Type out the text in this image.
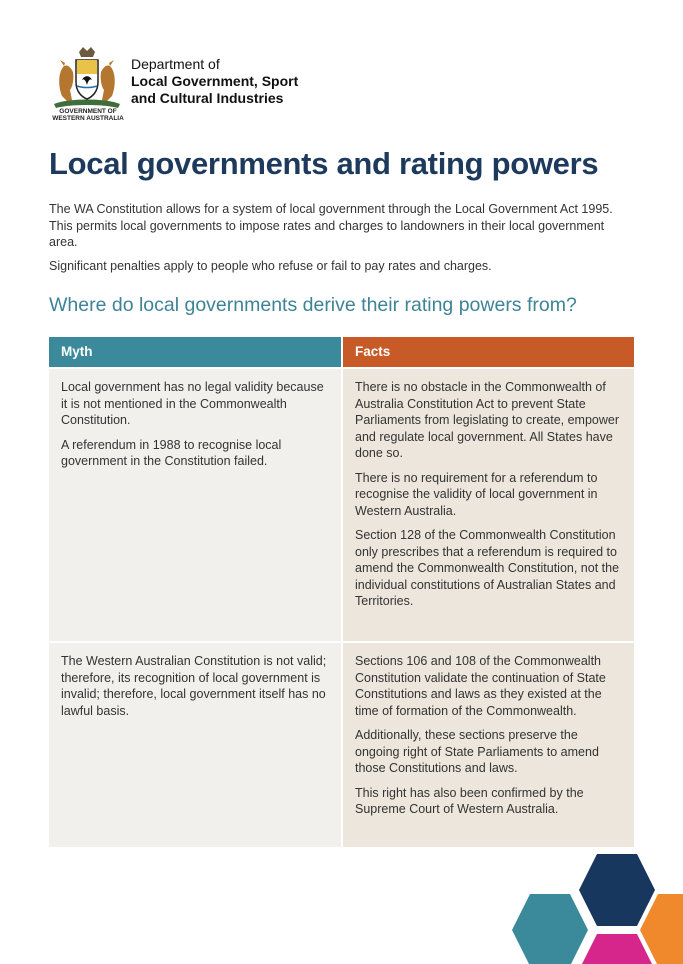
GOVERNMENT OF
WESTERN AUSTRALIA
Department of
Local Government, Sport
and Cultural Industries
Local governments and rating powers

The WA Constitution allows for a system of local government through the Local Government Act 1995. This permits local governments to impose rates and charges to landowners in their local government area.

Significant penalties apply to people who refuse or fail to pay rates and charges.

Where do local governments derive their rating powers from?
Myth	Facts

Local government has no legal validity because it is not mentioned in the Commonwealth Constitution.

A referendum in 1988 to recognise local government in the Constitution failed.

There is no obstacle in the Commonwealth of Australia Constitution Act to prevent State Parliaments from legislating to create, empower and regulate local government. All States have done so.

There is no requirement for a referendum to recognise the validity of local government in Western Australia.

Section 128 of the Commonwealth Constitution only prescribes that a referendum is required to amend the Commonwealth Constitution, not the individual constitutions of Australian States and Territories.

The Western Australian Constitution is not valid; therefore, its recognition of local government is invalid; therefore, local government itself has no lawful basis.

Sections 106 and 108 of the Commonwealth Constitution validate the continuation of State Constitutions and laws as they existed at the time of formation of the Commonwealth.

Additionally, these sections preserve the ongoing right of State Parliaments to amend those Constitutions and laws.

This right has also been confirmed by the Supreme Court of Western Australia.
